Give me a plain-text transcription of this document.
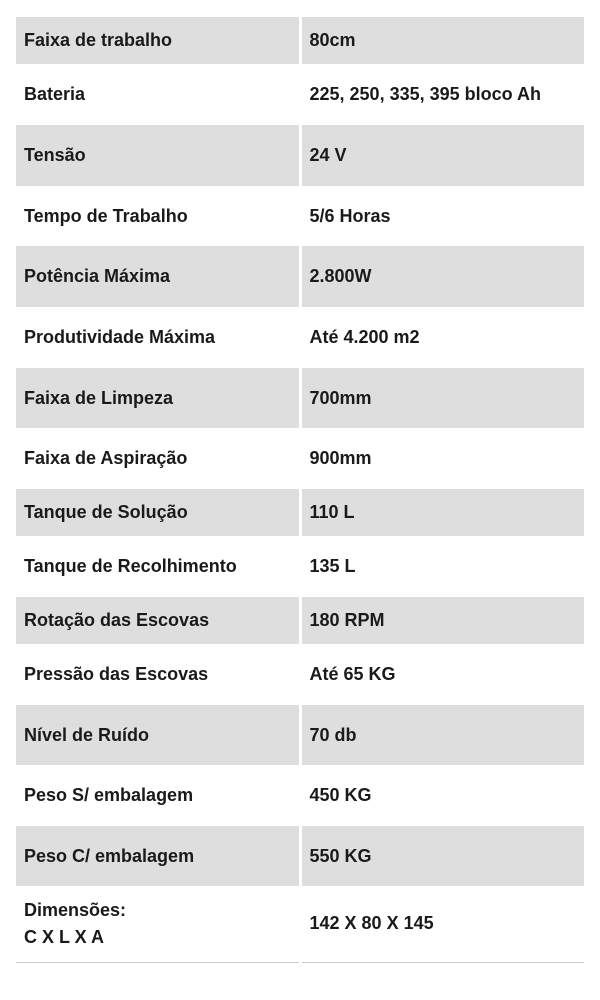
Faixa de trabalho	80cm
Bateria	225, 250, 335, 395 bloco Ah
Tensão	24 V
Tempo de Trabalho	5/6 Horas
Potência Máxima	2.800W
Produtividade Máxima	Até 4.200 m2
Faixa de Limpeza	700mm
Faixa de Aspiração	900mm
Tanque de Solução	110 L
Tanque de Recolhimento	135 L
Rotação das Escovas	180 RPM
Pressão das Escovas	Até 65 KG
Nível de Ruído	70 db
Peso S/ embalagem	450 KG
Peso C/ embalagem	550 KG

Dimensões:
C X L X A	142 X 80 X 145
